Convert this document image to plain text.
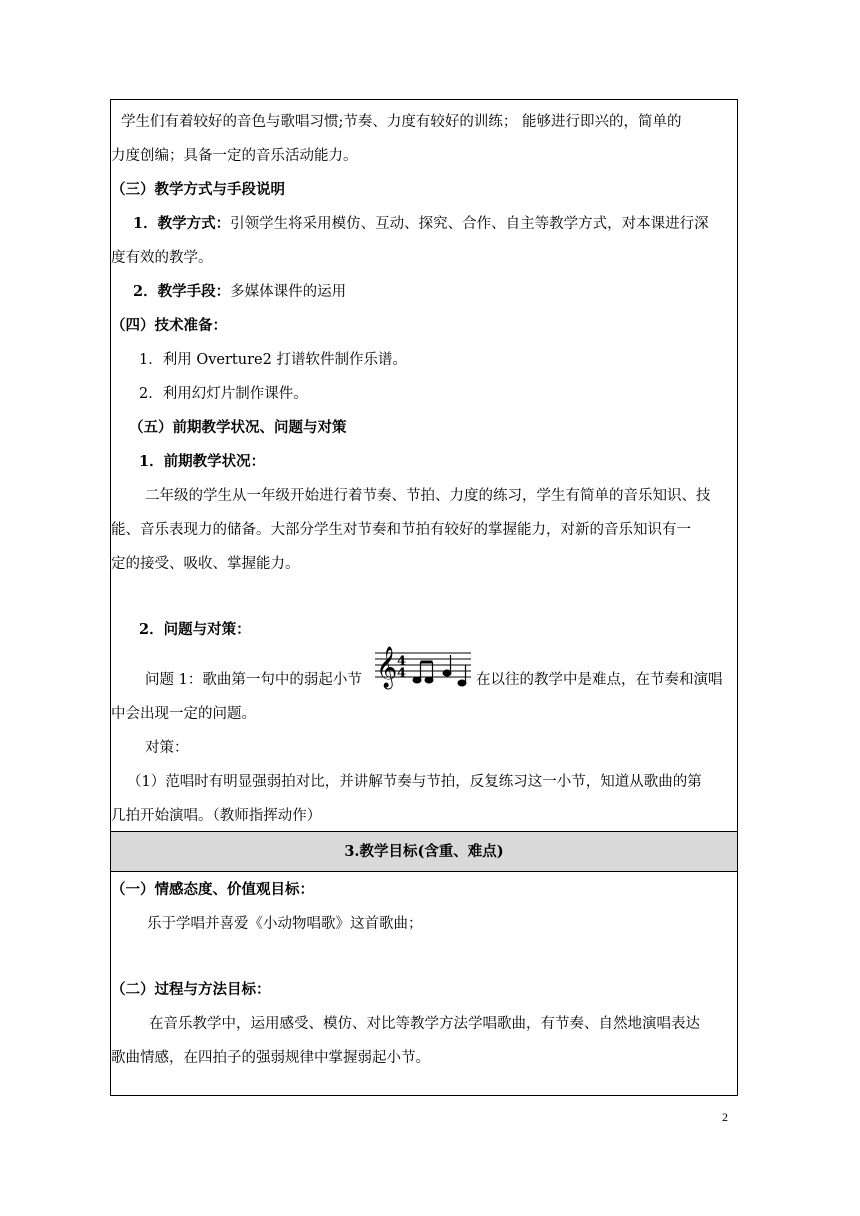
学生们有着较好的音色与歌唱习惯;节奏、力度有较好的训练； 能够进行即兴的，简单的
力度创编；具备一定的音乐活动能力。
（三）教学方式与手段说明
1．教学方式：引领学生将采用模仿、互动、探究、合作、自主等教学方式，对本课进行深
度有效的教学。
2．教学手段：多媒体课件的运用
（四）技术准备：
1．利用 Overture2 打谱软件制作乐谱。
2．利用幻灯片制作课件。
（五）前期教学状况、问题与对策
1．前期教学状况：
二年级的学生从一年级开始进行着节奏、节拍、力度的练习，学生有简单的音乐知识、技
能、音乐表现力的储备。大部分学生对节奏和节拍有较好的掌握能力，对新的音乐知识有一
定的接受、吸收、掌握能力。
2．问题与对策：
问题 1：歌曲第一句中的弱起小节	在以往的教学中是难点，在节奏和演唱
中会出现一定的问题。
对策：
（1）范唱时有明显强弱拍对比，并讲解节奏与节拍，反复练习这一小节，知道从歌曲的第
几拍开始演唱。（教师指挥动作）
3.教学目标(含重、难点)
（一）情感态度、价值观目标：
乐于学唱并喜爱《小动物唱歌》这首歌曲；
（二）过程与方法目标：
在音乐教学中，运用感受、模仿、对比等教学方法学唱歌曲，有节奏、自然地演唱表达
歌曲情感，在四拍子的强弱规律中掌握弱起小节。
𝄞 4
4
2
